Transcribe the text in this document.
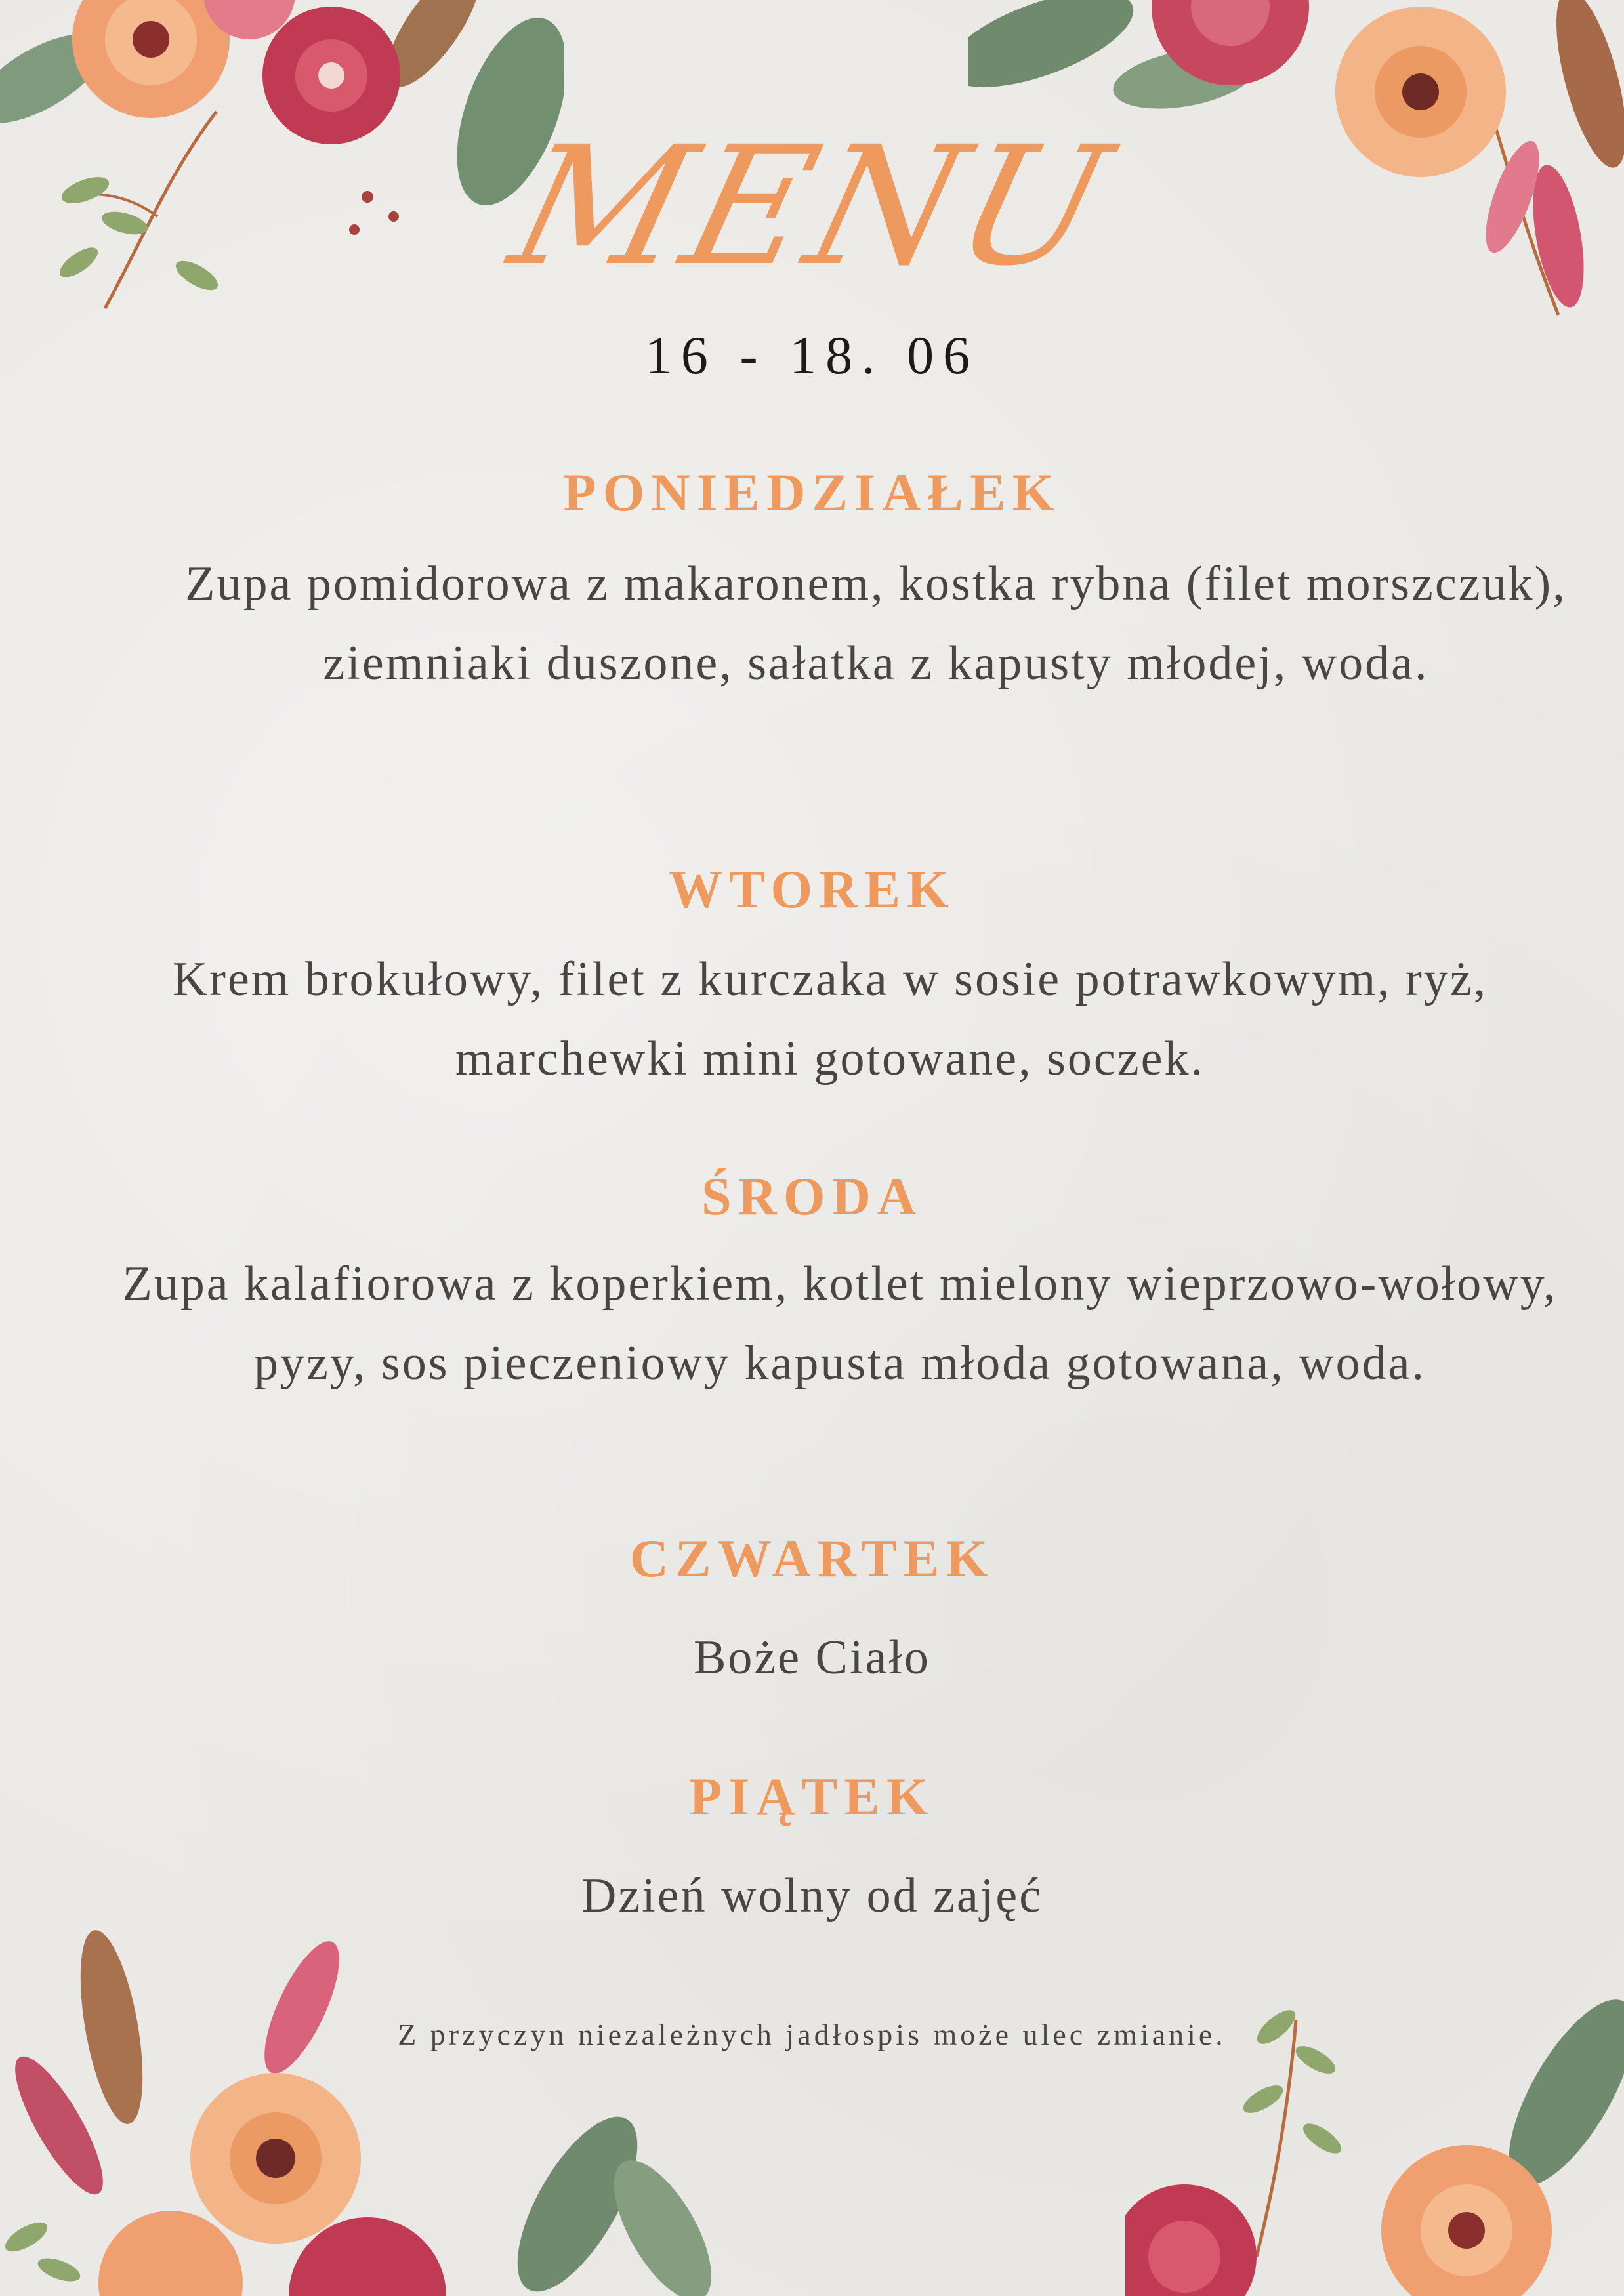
MENU
16 - 18. 06
PONIEDZIAŁEK
Zupa pomidorowa z makaronem, kostka rybna (filet morszczuk), ziemniaki duszone, sałatka z kapusty młodej, woda.
WTOREK
Krem brokułowy, filet z kurczaka w sosie potrawkowym, ryż, marchewki mini gotowane, soczek.
ŚRODA
Zupa kalafiorowa z koperkiem, kotlet mielony wieprzowo-wołowy, pyzy, sos pieczeniowy kapusta młoda gotowana, woda.
CZWARTEK
Boże Ciało
PIĄTEK
Dzień wolny od zajęć
Z przyczyn niezależnych jadłospis może ulec zmianie.
